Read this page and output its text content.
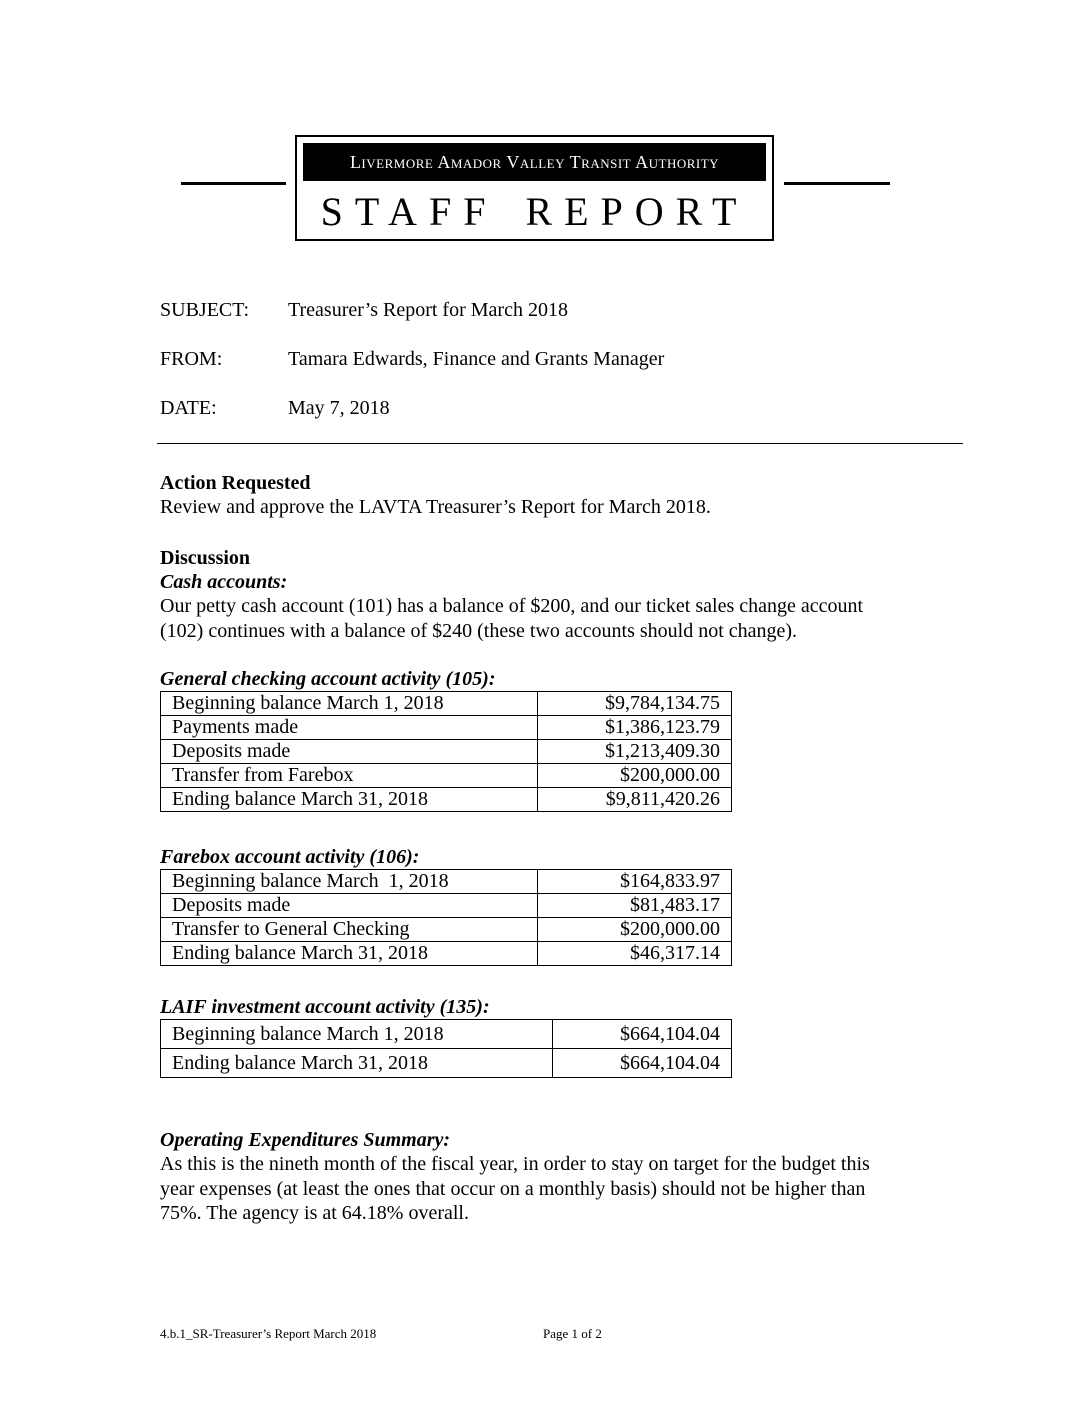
Livermore Amador Valley Transit Authority
STAFF REPORT
SUBJECT: Treasurer’s Report for March 2018
FROM:	Tamara Edwards, Finance and Grants Manager
DATE:	May 7, 2018
Action Requested
Review and approve the LAVTA Treasurer’s Report for March 2018.
Discussion
Cash accounts:
Our petty cash account (101) has a balance of $200, and our ticket sales change account
(102) continues with a balance of $240 (these two accounts should not change).
General checking account activity (105):
Beginning balance March 1, 2018	$9,784,134.75
Payments made	$1,386,123.79
Deposits made	$1,213,409.30
Transfer from Farebox	$200,000.00
Ending balance March 31, 2018	$9,811,420.26
Farebox account activity (106):
Beginning balance March  1, 2018	$164,833.97
Deposits made	$81,483.17
Transfer to General Checking	$200,000.00
Ending balance March 31, 2018	$46,317.14
LAIF investment account activity (135):
Beginning balance March 1, 2018	$664,104.04
Ending balance March 31, 2018	$664,104.04
Operating Expenditures Summary:
As this is the nineth month of the fiscal year, in order to stay on target for the budget this
year expenses (at least the ones that occur on a monthly basis) should not be higher than
75%. The agency is at 64.18% overall.
4.b.1_SR-Treasurer’s Report March 2018	Page 1 of 2
